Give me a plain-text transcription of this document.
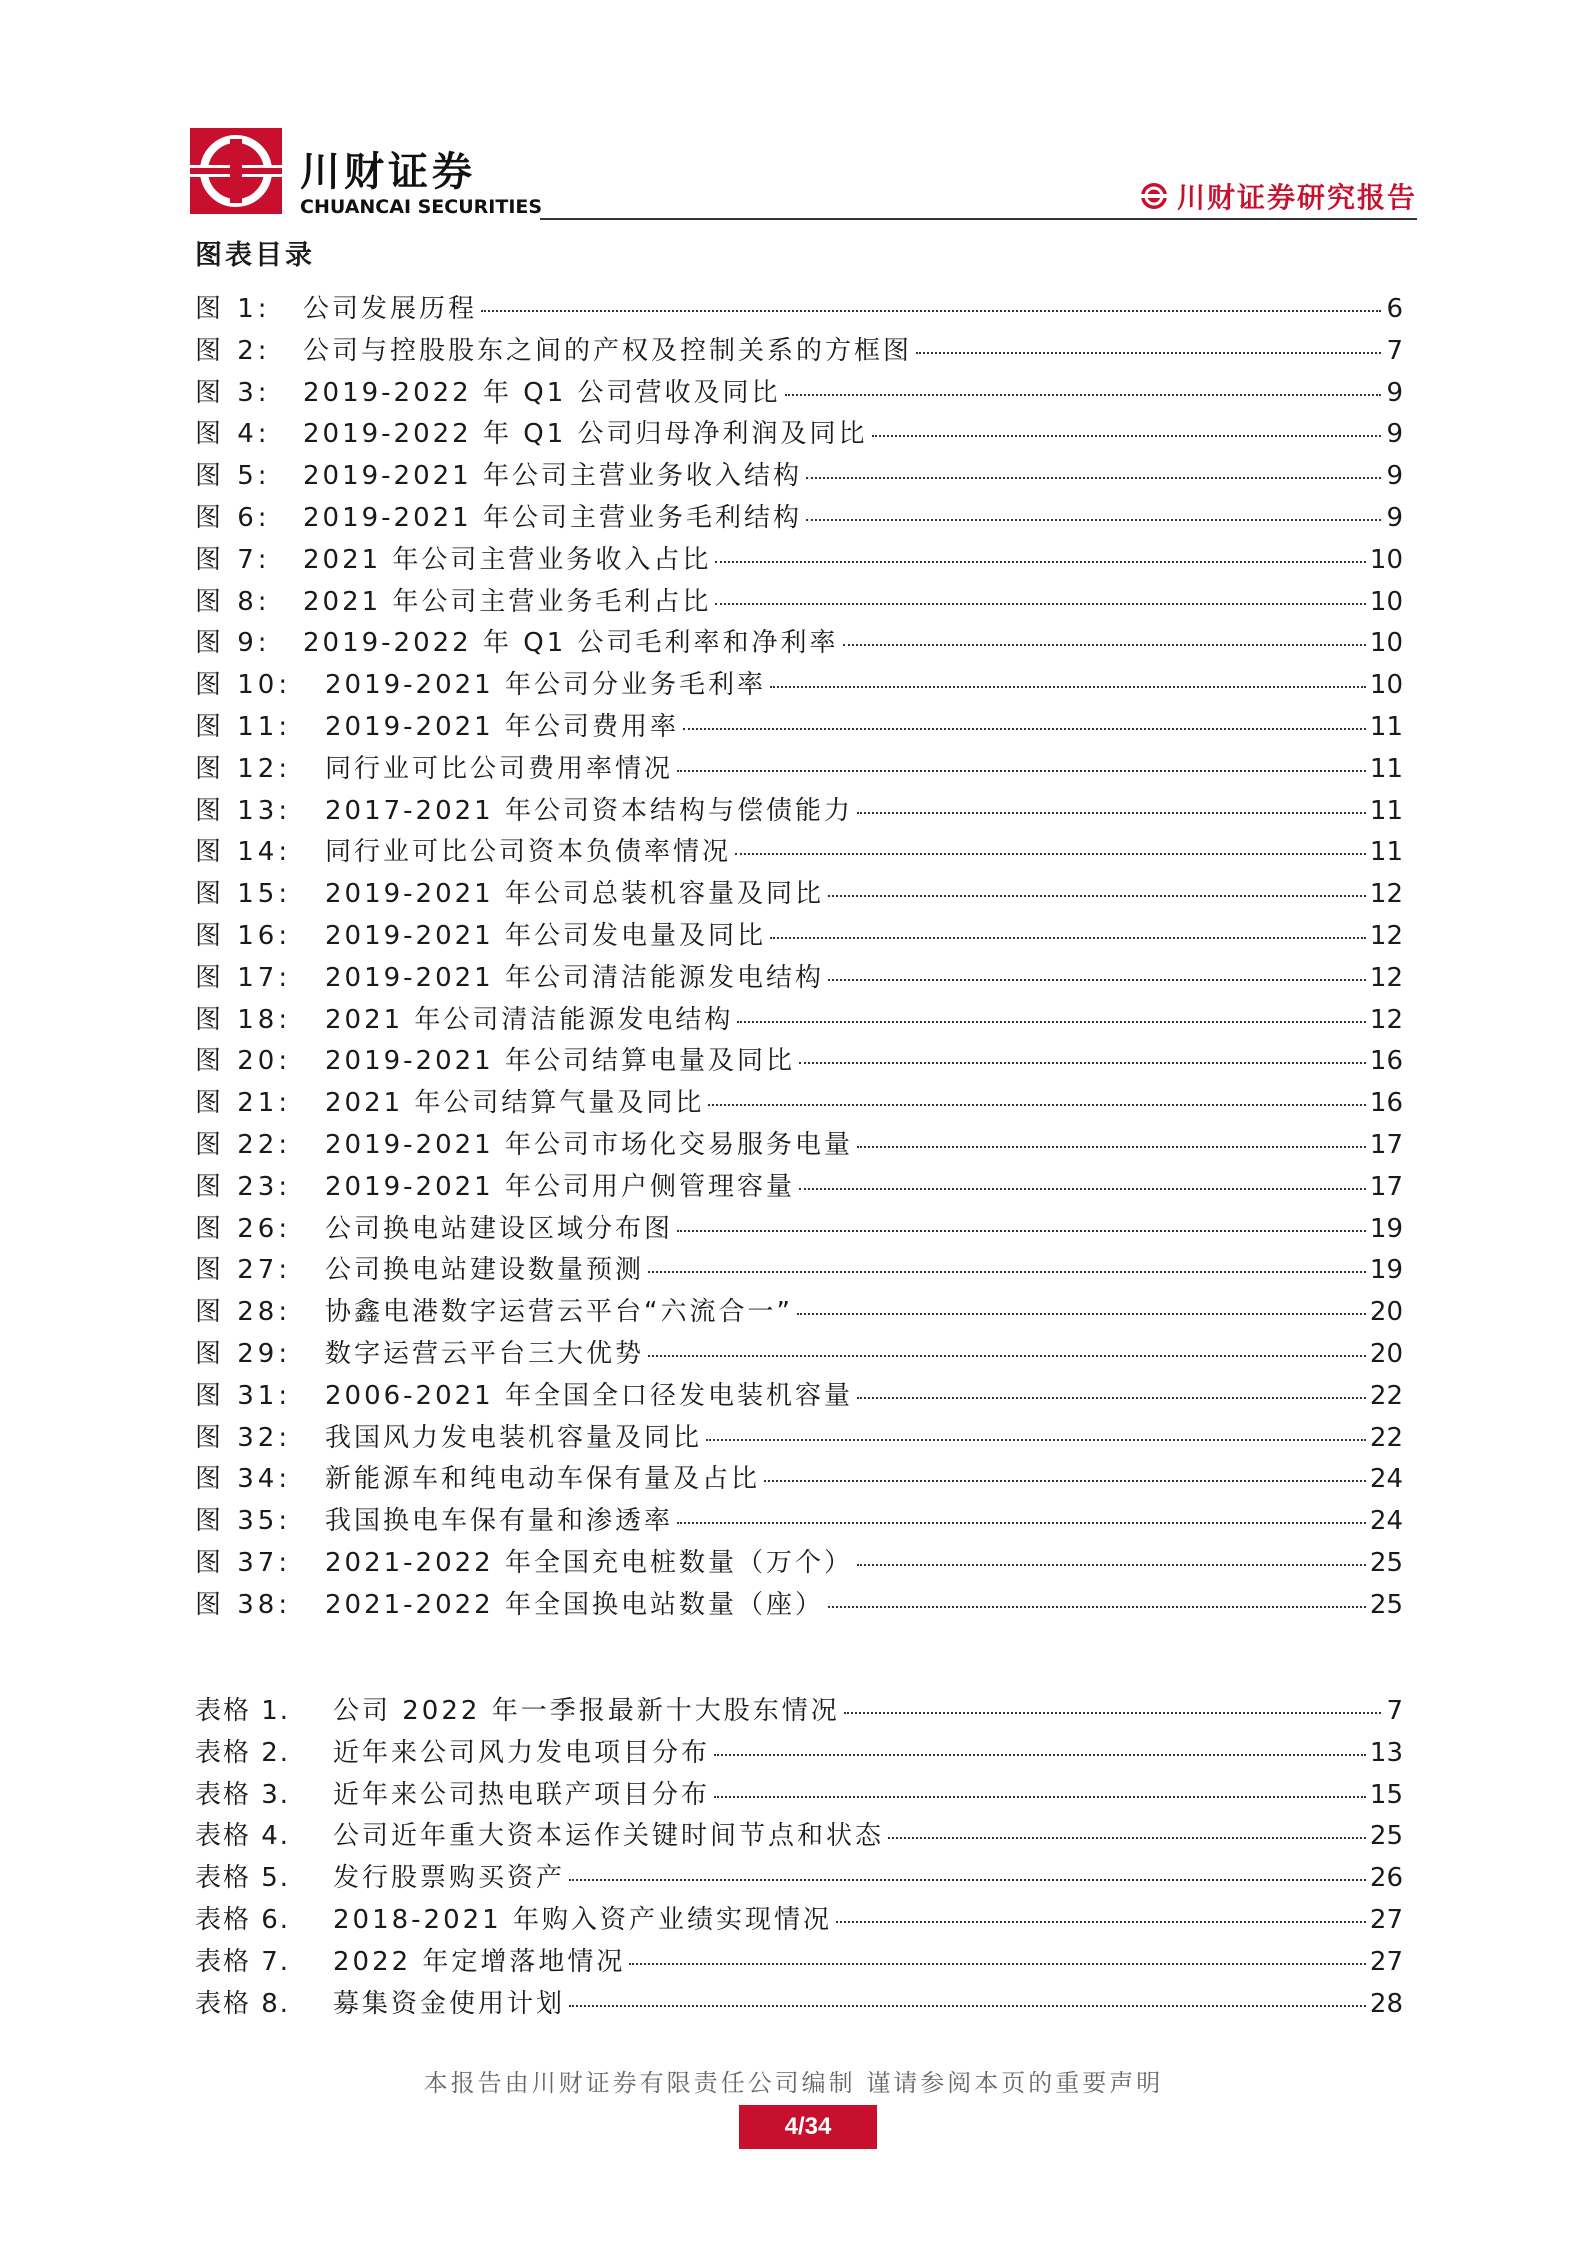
川财证券
CHUANCAI SECURITIES	川财证券研究报告
图表目录
图 1:	公司发展历程	6
图 2:	公司与控股股东之间的产权及控制关系的方框图	7
图 3:	2019-2022 年 Q1 公司营收及同比	9
图 4:	2019-2022 年 Q1 公司归母净利润及同比	9
图 5:	2019-2021 年公司主营业务收入结构	9
图 6:	2019-2021 年公司主营业务毛利结构	9
图 7:	2021 年公司主营业务收入占比	10
图 8:	2021 年公司主营业务毛利占比	10
图 9:	2019-2022 年 Q1 公司毛利率和净利率	10
图 10:	2019-2021 年公司分业务毛利率	10
图 11:	2019-2021 年公司费用率	11
图 12:	同行业可比公司费用率情况	11
图 13:	2017-2021 年公司资本结构与偿债能力	11
图 14:	同行业可比公司资本负债率情况	11
图 15:	2019-2021 年公司总装机容量及同比	12
图 16:	2019-2021 年公司发电量及同比	12
图 17:	2019-2021 年公司清洁能源发电结构	12
图 18:	2021 年公司清洁能源发电结构	12
图 20:	2019-2021 年公司结算电量及同比	16
图 21:	2021 年公司结算气量及同比	16
图 22:	2019-2021 年公司市场化交易服务电量	17
图 23:	2019-2021 年公司用户侧管理容量	17
图 26:	公司换电站建设区域分布图	19
图 27:	公司换电站建设数量预测	19
图 28:	协鑫电港数字运营云平台“六流合一”	20
图 29:	数字运营云平台三大优势	20
图 31:	2006-2021 年全国全口径发电装机容量	22
图 32:	我国风力发电装机容量及同比	22
图 34:	新能源车和纯电动车保有量及占比	24
图 35:	我国换电车保有量和渗透率	24
图 37:	2021-2022 年全国充电桩数量（万个）	25
图 38:	2021-2022 年全国换电站数量（座）	25
表格 1.	公司 2022 年一季报最新十大股东情况	7
表格 2.	近年来公司风力发电项目分布	13
表格 3.	近年来公司热电联产项目分布	15
表格 4.	公司近年重大资本运作关键时间节点和状态	25
表格 5.	发行股票购买资产	26
表格 6.	2018-2021 年购入资产业绩实现情况	27
表格 7.	2022 年定增落地情况	27
表格 8.	募集资金使用计划	28
本报告由川财证券有限责任公司编制 谨请参阅本页的重要声明
4/34
